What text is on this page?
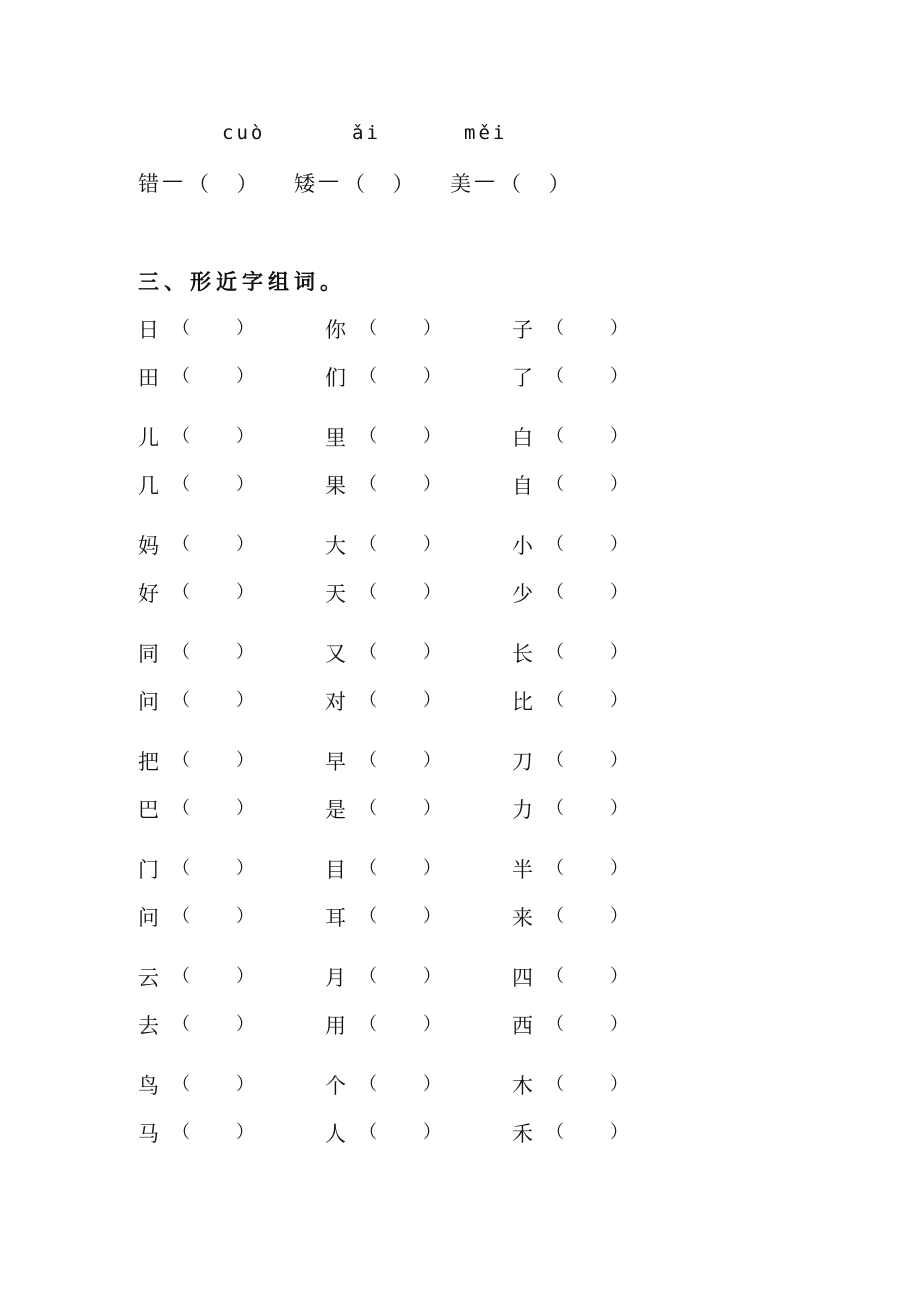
cuò	ǎi	měi
错 — （　 ） 矮 — （　 ） 美 — （　 ）
三、形近字组词。
日 （	）	你 （	）	子 （	）
田 （	）	们 （	）	了 （	）
儿 （	）	里 （	）	白 （	）
几 （	）	果 （	）	自 （	）
妈 （	）	大 （	）	小 （	）
好 （	）	天 （	）	少 （	）
同 （	）	又 （	）	长 （	）
问 （	）	对 （	）	比 （	）
把 （	）	早 （	）	刀 （	）
巴 （	）	是 （	）	力 （	）
门 （	）	目 （	）	半 （	）
问 （	）	耳 （	）	来 （	）
云 （	）	月 （	）	四 （	）
去 （	）	用 （	）	西 （	）
鸟 （	）	个 （	）	木 （	）
马 （	）	人 （	）	禾 （	）
